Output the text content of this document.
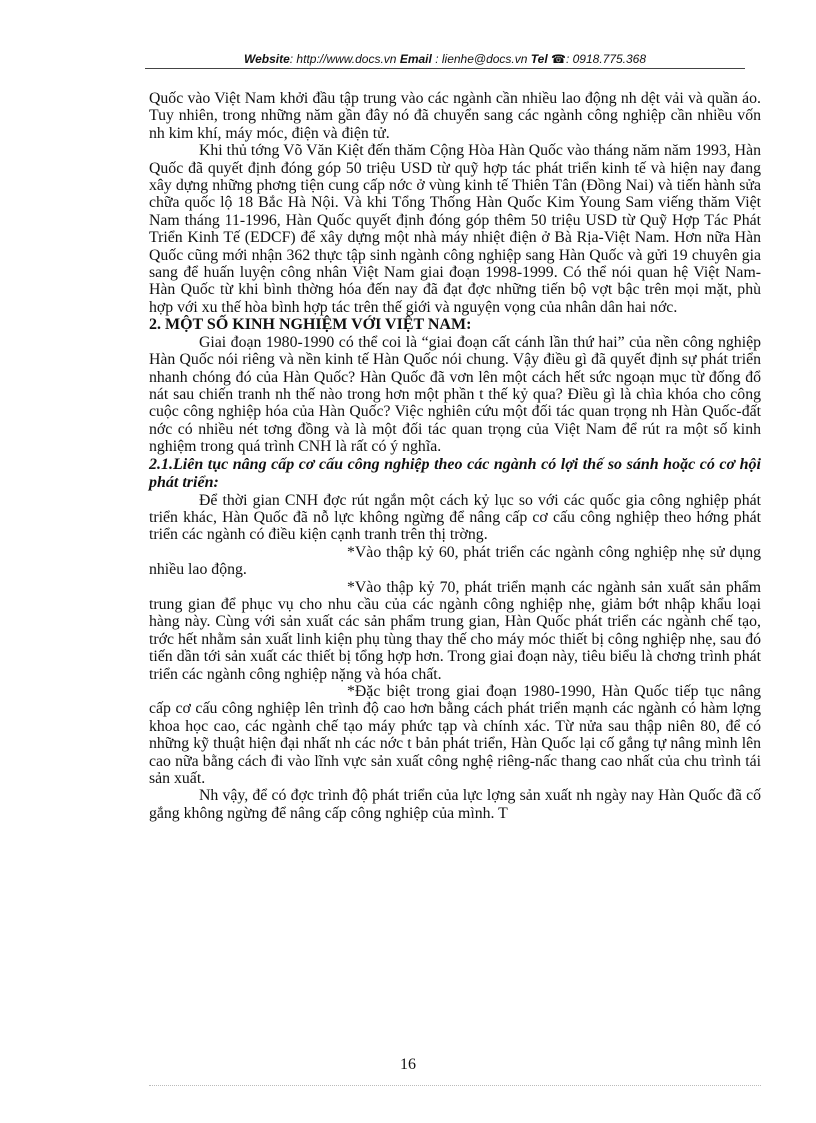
Website: http://www.docs.vn Email : lienhe@docs.vn Tel ☎: 0918.775.368

Quốc vào Việt Nam khởi đầu tập trung vào các ngành cần nhiều lao động nh dệt vải và quần áo. Tuy nhiên, trong những năm gần đây nó đã chuyển sang các ngành công nghiệp cần nhiều vốn nh kim khí, máy móc, điện và điện tử.

Khi thủ tớng Võ Văn Kiệt đến thăm Cộng Hòa Hàn Quốc vào tháng năm năm 1993, Hàn Quốc đã quyết định đóng góp 50 triệu USD từ quỹ hợp tác phát triển kinh tế và hiện nay đang xây dựng những phơng tiện cung cấp nớc ở vùng kinh tế Thiên Tân (Đồng Nai) và tiến hành sửa chữa quốc lộ 18 Bắc Hà Nội. Và khi Tổng Thống Hàn Quốc Kim Young Sam viếng thăm Việt Nam tháng 11-1996, Hàn Quốc quyết định đóng góp thêm 50 triệu USD từ Quỹ Hợp Tác Phát Triển Kinh Tế (EDCF) để xây dựng một nhà máy nhiệt điện ở Bà Rịa-Việt Nam. Hơn nữa Hàn Quốc cũng mới nhận 362 thực tập sinh ngành công nghiệp sang Hàn Quốc và gửi 19 chuyên gia sang để huấn luyện công nhân Việt Nam giai đoạn 1998-1999. Có thể nói quan hệ Việt Nam-Hàn Quốc từ khi bình thờng hóa đến nay đã đạt đợc những tiến bộ vợt bậc trên mọi mặt, phù hợp với xu thế hòa bình hợp tác trên thế giới và nguyện vọng của nhân dân hai nớc.

2. MỘT SỐ KINH NGHIỆM VỚI VIỆT NAM:

Giai đoạn 1980-1990 có thể coi là “giai đoạn cất cánh lần thứ hai” của nền công nghiệp Hàn Quốc nói riêng và nền kinh tế Hàn Quốc nói chung. Vậy điều gì đã quyết định sự phát triển nhanh chóng đó của Hàn Quốc? Hàn Quốc đã vơn lên một cách hết sức ngoạn mục từ đống đổ nát sau chiến tranh nh thế nào trong hơn một phần t thế kỷ qua? Điều gì là chìa khóa cho công cuộc công nghiệp hóa của Hàn Quốc? Việc nghiên cứu một đối tác quan trọng nh Hàn Quốc-đất nớc có nhiều nét tơng đồng và là một đối tác quan trọng của Việt Nam để rút ra một số kinh nghiệm trong quá trình CNH là rất có ý nghĩa.

2.1.Liên tục nâng cấp cơ cấu công nghiệp theo các ngành có lợi thế so sánh hoặc có cơ hội phát triển:

Để thời gian CNH đợc rút ngắn một cách kỷ lục so với các quốc gia công nghiệp phát triển khác, Hàn Quốc đã nỗ lực không ngừng để nâng cấp cơ cấu công nghiệp theo hớng phát triển các ngành có điều kiện cạnh tranh trên thị trờng.

*Vào thập kỷ 60, phát triển các ngành công nghiệp nhẹ sử dụng nhiều lao động.

*Vào thập kỷ 70, phát triển mạnh các ngành sản xuất sản phẩm trung gian để phục vụ cho nhu cầu của các ngành công nghiệp nhẹ, giảm bớt nhập khẩu loại hàng này. Cùng với sản xuất các sản phẩm trung gian, Hàn Quốc phát triển các ngành chế tạo, trớc hết nhằm sản xuất linh kiện phụ tùng thay thế cho máy móc thiết bị công nghiệp nhẹ, sau đó tiến dần tới sản xuất các thiết bị tổng hợp hơn. Trong giai đoạn này, tiêu biểu là chơng trình phát triển các ngành công nghiệp nặng và hóa chất.

*Đặc biệt trong giai đoạn 1980-1990, Hàn Quốc tiếp tục nâng cấp cơ cấu công nghiệp lên trình độ cao hơn bằng cách phát triển mạnh các ngành có hàm lợng khoa học cao, các ngành chế tạo máy phức tạp và chính xác. Từ nửa sau thập niên 80, để có những kỹ thuật hiện đại nhất nh các nớc t bản phát triển, Hàn Quốc lại cố gắng tự nâng mình lên cao nữa bằng cách đi vào lĩnh vực sản xuất công nghệ riêng-nấc thang cao nhất của chu trình tái sản xuất.

Nh vậy, để có đợc trình độ phát triển của lực lợng sản xuất nh ngày nay Hàn Quốc đã cố gắng không ngừng để nâng cấp công nghiệp của mình. T

16
